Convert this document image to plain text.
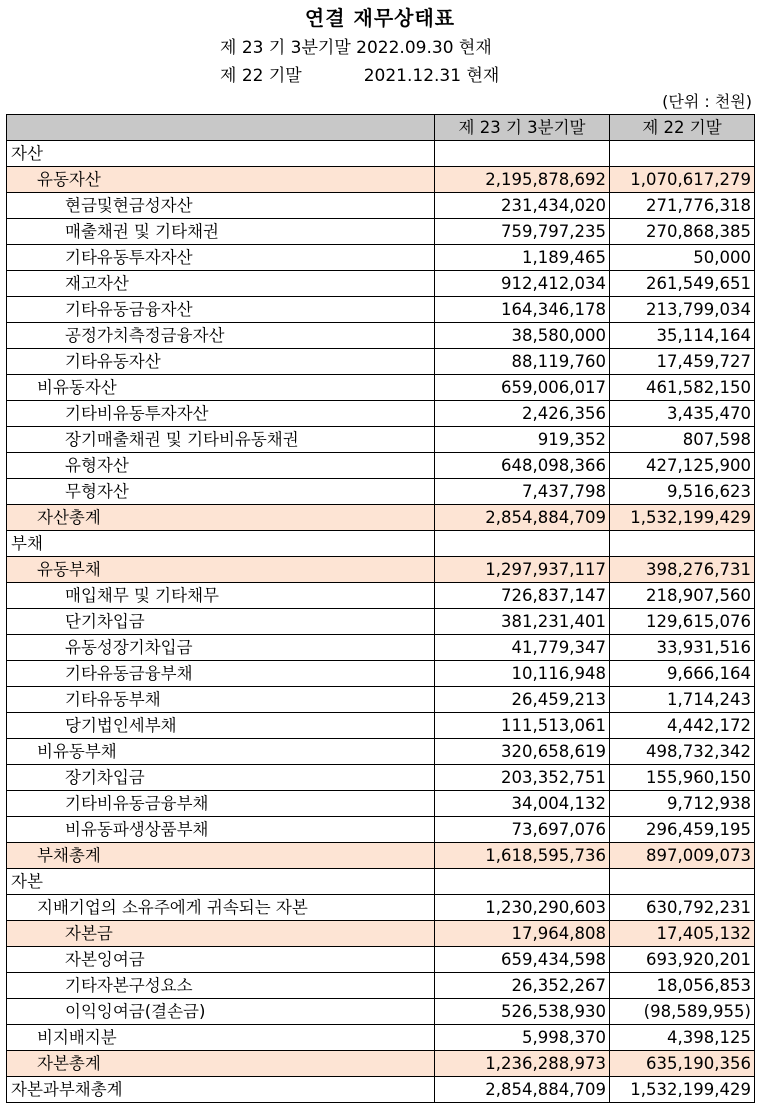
연결 재무상태표
제 23 기 3분기말 2022.09.30 현재
제 22 기말	2021.12.31 현재
(단위 : 천원)
	제 23 기 3분기말	제 22 기말
자산		
유동자산	2,195,878,692	1,070,617,279
현금및현금성자산	231,434,020	271,776,318
매출채권 및 기타채권	759,797,235	270,868,385
기타유동투자자산	1,189,465	50,000
재고자산	912,412,034	261,549,651
기타유동금융자산	164,346,178	213,799,034
공정가치측정금융자산	38,580,000	35,114,164
기타유동자산	88,119,760	17,459,727
비유동자산	659,006,017	461,582,150
기타비유동투자자산	2,426,356	3,435,470
장기매출채권 및 기타비유동채권	919,352	807,598
유형자산	648,098,366	427,125,900
무형자산	7,437,798	9,516,623
자산총계	2,854,884,709	1,532,199,429
부채		
유동부채	1,297,937,117	398,276,731
매입채무 및 기타채무	726,837,147	218,907,560
단기차입금	381,231,401	129,615,076
유동성장기차입금	41,779,347	33,931,516
기타유동금융부채	10,116,948	9,666,164
기타유동부채	26,459,213	1,714,243
당기법인세부채	111,513,061	4,442,172
비유동부채	320,658,619	498,732,342
장기차입금	203,352,751	155,960,150
기타비유동금융부채	34,004,132	9,712,938
비유동파생상품부채	73,697,076	296,459,195
부채총계	1,618,595,736	897,009,073
자본		
지배기업의 소유주에게 귀속되는 자본	1,230,290,603	630,792,231
자본금	17,964,808	17,405,132
자본잉여금	659,434,598	693,920,201
기타자본구성요소	26,352,267	18,056,853
이익잉여금(결손금)	526,538,930	(98,589,955)
비지배지분	5,998,370	4,398,125
자본총계	1,236,288,973	635,190,356
자본과부채총계	2,854,884,709	1,532,199,429
